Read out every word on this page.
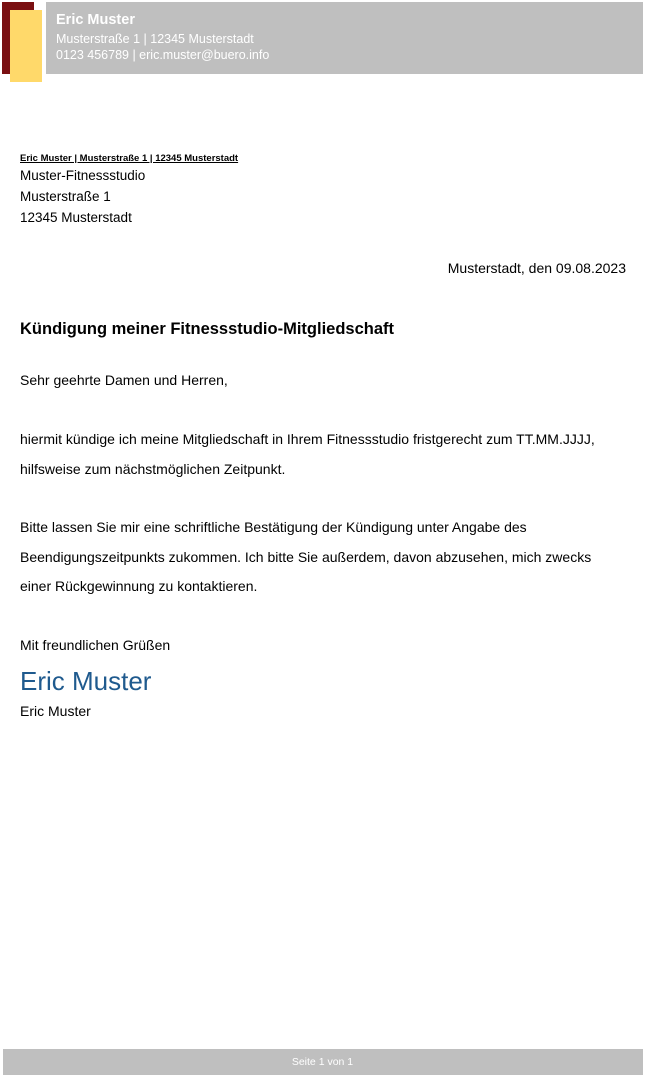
Eric Muster
Musterstraße 1 | 12345 Musterstadt
0123 456789 | eric.muster@buero.info
Eric Muster | Musterstraße 1 | 12345 Musterstadt
Muster-Fitnessstudio
Musterstraße 1
12345 Musterstadt
Musterstadt, den 09.08.2023
Kündigung meiner Fitnessstudio-Mitgliedschaft
Sehr geehrte Damen und Herren,

hiermit kündige ich meine Mitgliedschaft in Ihrem Fitnessstudio fristgerecht zum TT.MM.JJJJ, hilfsweise zum nächstmöglichen Zeitpunkt.

Bitte lassen Sie mir eine schriftliche Bestätigung der Kündigung unter Angabe des Beendigungszeitpunkts zukommen. Ich bitte Sie außerdem, davon abzusehen, mich zwecks einer Rückgewinnung zu kontaktieren.

Mit freundlichen Grüßen
Eric Muster
Eric Muster
Seite 1 von 1
